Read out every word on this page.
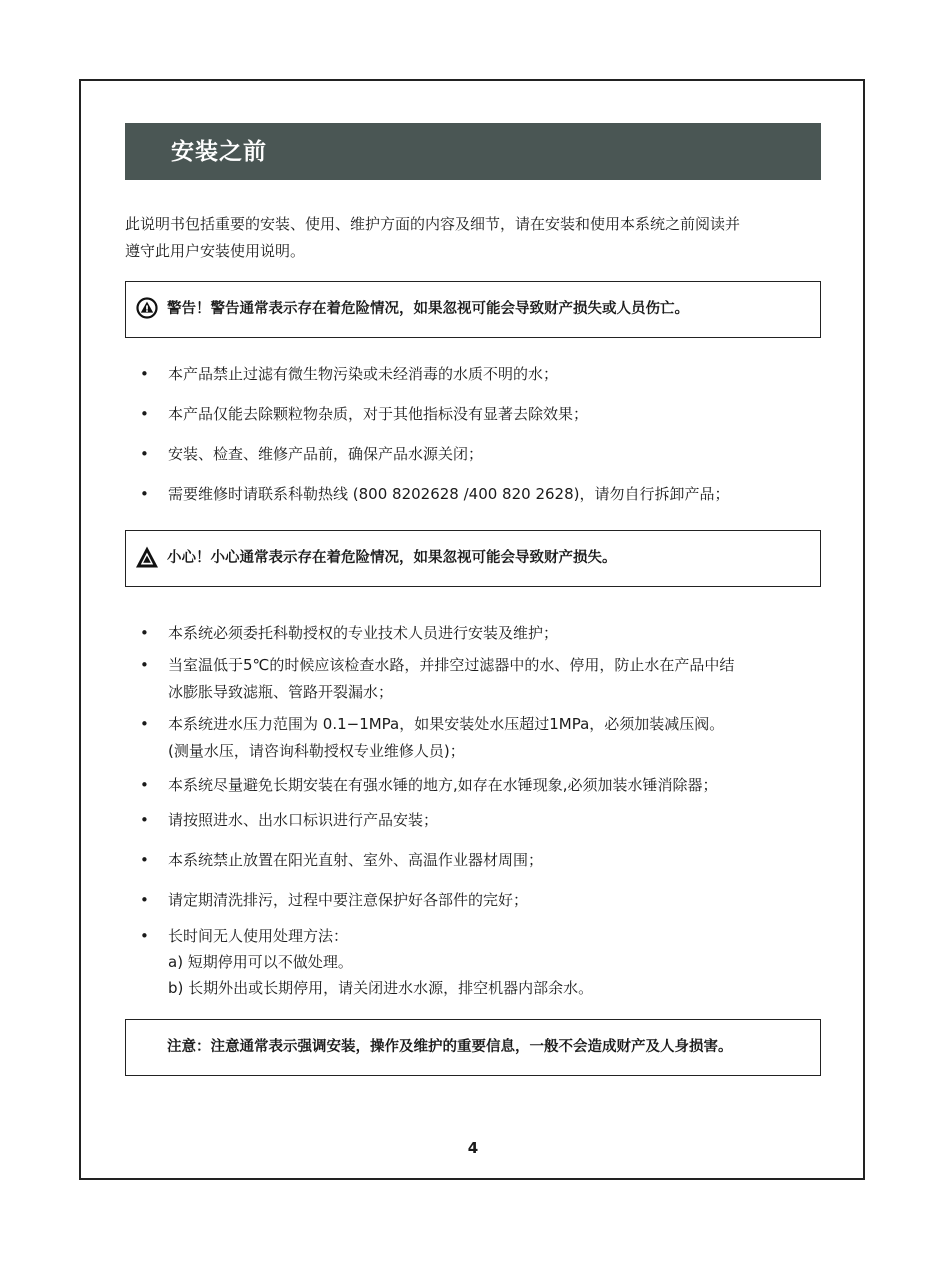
安装之前

此说明书包括重要的安装、使用、维护方面的内容及细节，请在安装和使用本系统之前阅读并
遵守此用户安装使用说明。

警告！警告通常表示存在着危险情况，如果忽视可能会导致财产损失或人员伤亡。
•	本产品禁止过滤有微生物污染或未经消毒的水质不明的水；
•	本产品仅能去除颗粒物杂质，对于其他指标没有显著去除效果；
•	安装、检查、维修产品前，确保产品水源关闭；
•	需要维修时请联系科勒热线 (800 8202628 /400 820 2628)，请勿自行拆卸产品；
小心！小心通常表示存在着危险情况，如果忽视可能会导致财产损失。
•	本系统必须委托科勒授权的专业技术人员进行安装及维护；
•	当室温低于5℃的时候应该检查水路，并排空过滤器中的水、停用，防止水在产品中结
冰膨胀导致滤瓶、管路开裂漏水；
•	本系统进水压力范围为 0.1−1MPa，如果安装处水压超过1MPa，必须加装减压阀。
(测量水压，请咨询科勒授权专业维修人员)；
•	本系统尽量避免长期安装在有强水锤的地方,如存在水锤现象,必须加装水锤消除器；
•	请按照进水、出水口标识进行产品安装；
•	本系统禁止放置在阳光直射、室外、高温作业器材周围；
•	请定期清洗排污，过程中要注意保护好各部件的完好；
•	长时间无人使用处理方法：
a) 短期停用可以不做处理。
b) 长期外出或长期停用，请关闭进水水源，排空机器内部余水。
注意：注意通常表示强调安装，操作及维护的重要信息，一般不会造成财产及人身损害。
4
